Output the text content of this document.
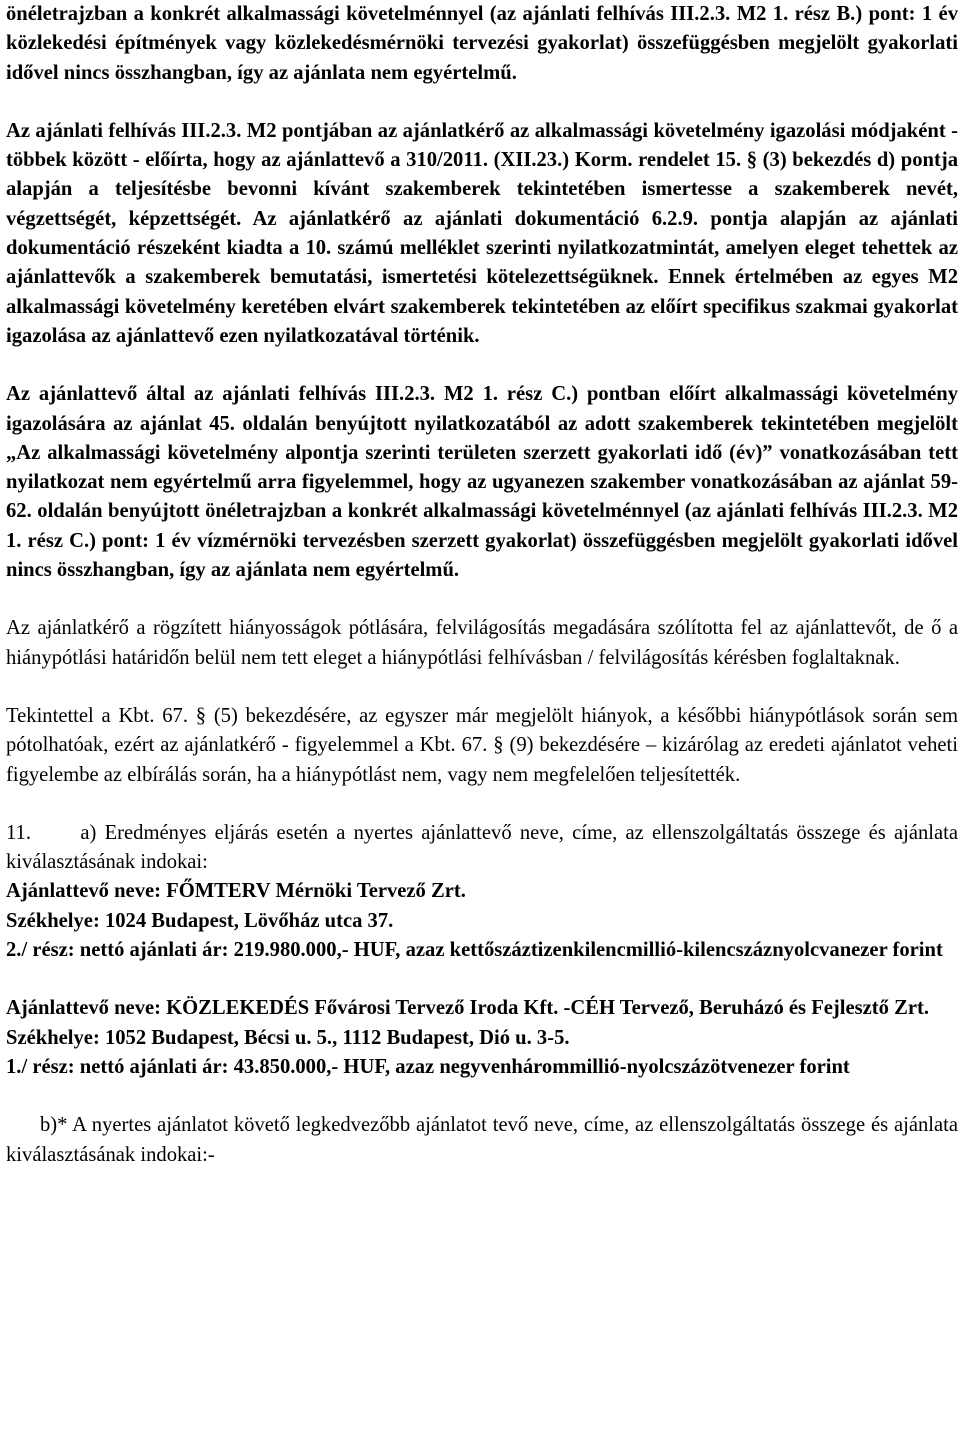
önéletrajzban a konkrét alkalmassági követelménnyel (az ajánlati felhívás III.2.3. M2 1. rész B.) pont: 1 év közlekedési építmények vagy közlekedésmérnöki tervezési gyakorlat) összefüggésben megjelölt gyakorlati idővel nincs összhangban, így az ajánlata nem egyértelmű.

Az ajánlati felhívás III.2.3. M2 pontjában az ajánlatkérő az alkalmassági követelmény igazolási módjaként - többek között - előírta, hogy az ajánlattevő a 310/2011. (XII.23.) Korm. rendelet 15. § (3) bekezdés d) pontja alapján a teljesítésbe bevonni kívánt szakemberek tekintetében ismertesse a szakemberek nevét, végzettségét, képzettségét. Az ajánlatkérő az ajánlati dokumentáció 6.2.9. pontja alapján az ajánlati dokumentáció részeként kiadta a 10. számú melléklet szerinti nyilatkozatmintát, amelyen eleget tehettek az ajánlattevők a szakemberek bemutatási, ismertetési kötelezettségüknek. Ennek értelmében az egyes M2 alkalmassági követelmény keretében elvárt szakemberek tekintetében az előírt specifikus szakmai gyakorlat igazolása az ajánlattevő ezen nyilatkozatával történik.

Az ajánlattevő által az ajánlati felhívás III.2.3. M2 1. rész C.) pontban előírt alkalmassági követelmény igazolására az ajánlat 45. oldalán benyújtott nyilatkozatából az adott szakemberek tekintetében megjelölt „Az alkalmassági követelmény alpontja szerinti területen szerzett gyakorlati idő (év)” vonatkozásában tett nyilatkozat nem egyértelmű arra figyelemmel, hogy az ugyanezen szakember vonatkozásában az ajánlat 59-62. oldalán benyújtott önéletrajzban a konkrét alkalmassági követelménnyel (az ajánlati felhívás III.2.3. M2 1. rész C.) pont: 1 év vízmérnöki tervezésben szerzett gyakorlat) összefüggésben megjelölt gyakorlati idővel nincs összhangban, így az ajánlata nem egyértelmű.

Az ajánlatkérő a rögzített hiányosságok pótlására, felvilágosítás megadására szólította fel az ajánlattevőt, de ő a hiánypótlási határidőn belül nem tett eleget a hiánypótlási felhívásban / felvilágosítás kérésben foglaltaknak.

Tekintettel a Kbt. 67. § (5) bekezdésére, az egyszer már megjelölt hiányok, a későbbi hiánypótlások során sem pótolhatóak, ezért az ajánlatkérő - figyelemmel a Kbt. 67. § (9) bekezdésére – kizárólag az eredeti ajánlatot veheti figyelembe az elbírálás során, ha a hiánypótlást nem, vagy nem megfelelően teljesítették.

11. a) Eredményes eljárás esetén a nyertes ajánlattevő neve, címe, az ellenszolgáltatás összege és ajánlata kiválasztásának indokai:

Ajánlattevő neve: FŐMTERV Mérnöki Tervező Zrt.

Székhelye: 1024 Budapest, Lövőház utca 37.

2./ rész: nettó ajánlati ár: 219.980.000,- HUF, azaz kettőszáztizenkilencmillió-kilencszáznyolcvanezer forint

Ajánlattevő neve: KÖZLEKEDÉS Fővárosi Tervező Iroda Kft. -CÉH Tervező, Beruházó és Fejlesztő Zrt.

Székhelye: 1052 Budapest, Bécsi u. 5., 1112 Budapest, Dió u. 3-5.

1./ rész: nettó ajánlati ár: 43.850.000,- HUF, azaz negyvenhárommillió-nyolcszázötvenezer forint

b)* A nyertes ajánlatot követő legkedvezőbb ajánlatot tevő neve, címe, az ellenszolgáltatás összege és ajánlata kiválasztásának indokai:-
